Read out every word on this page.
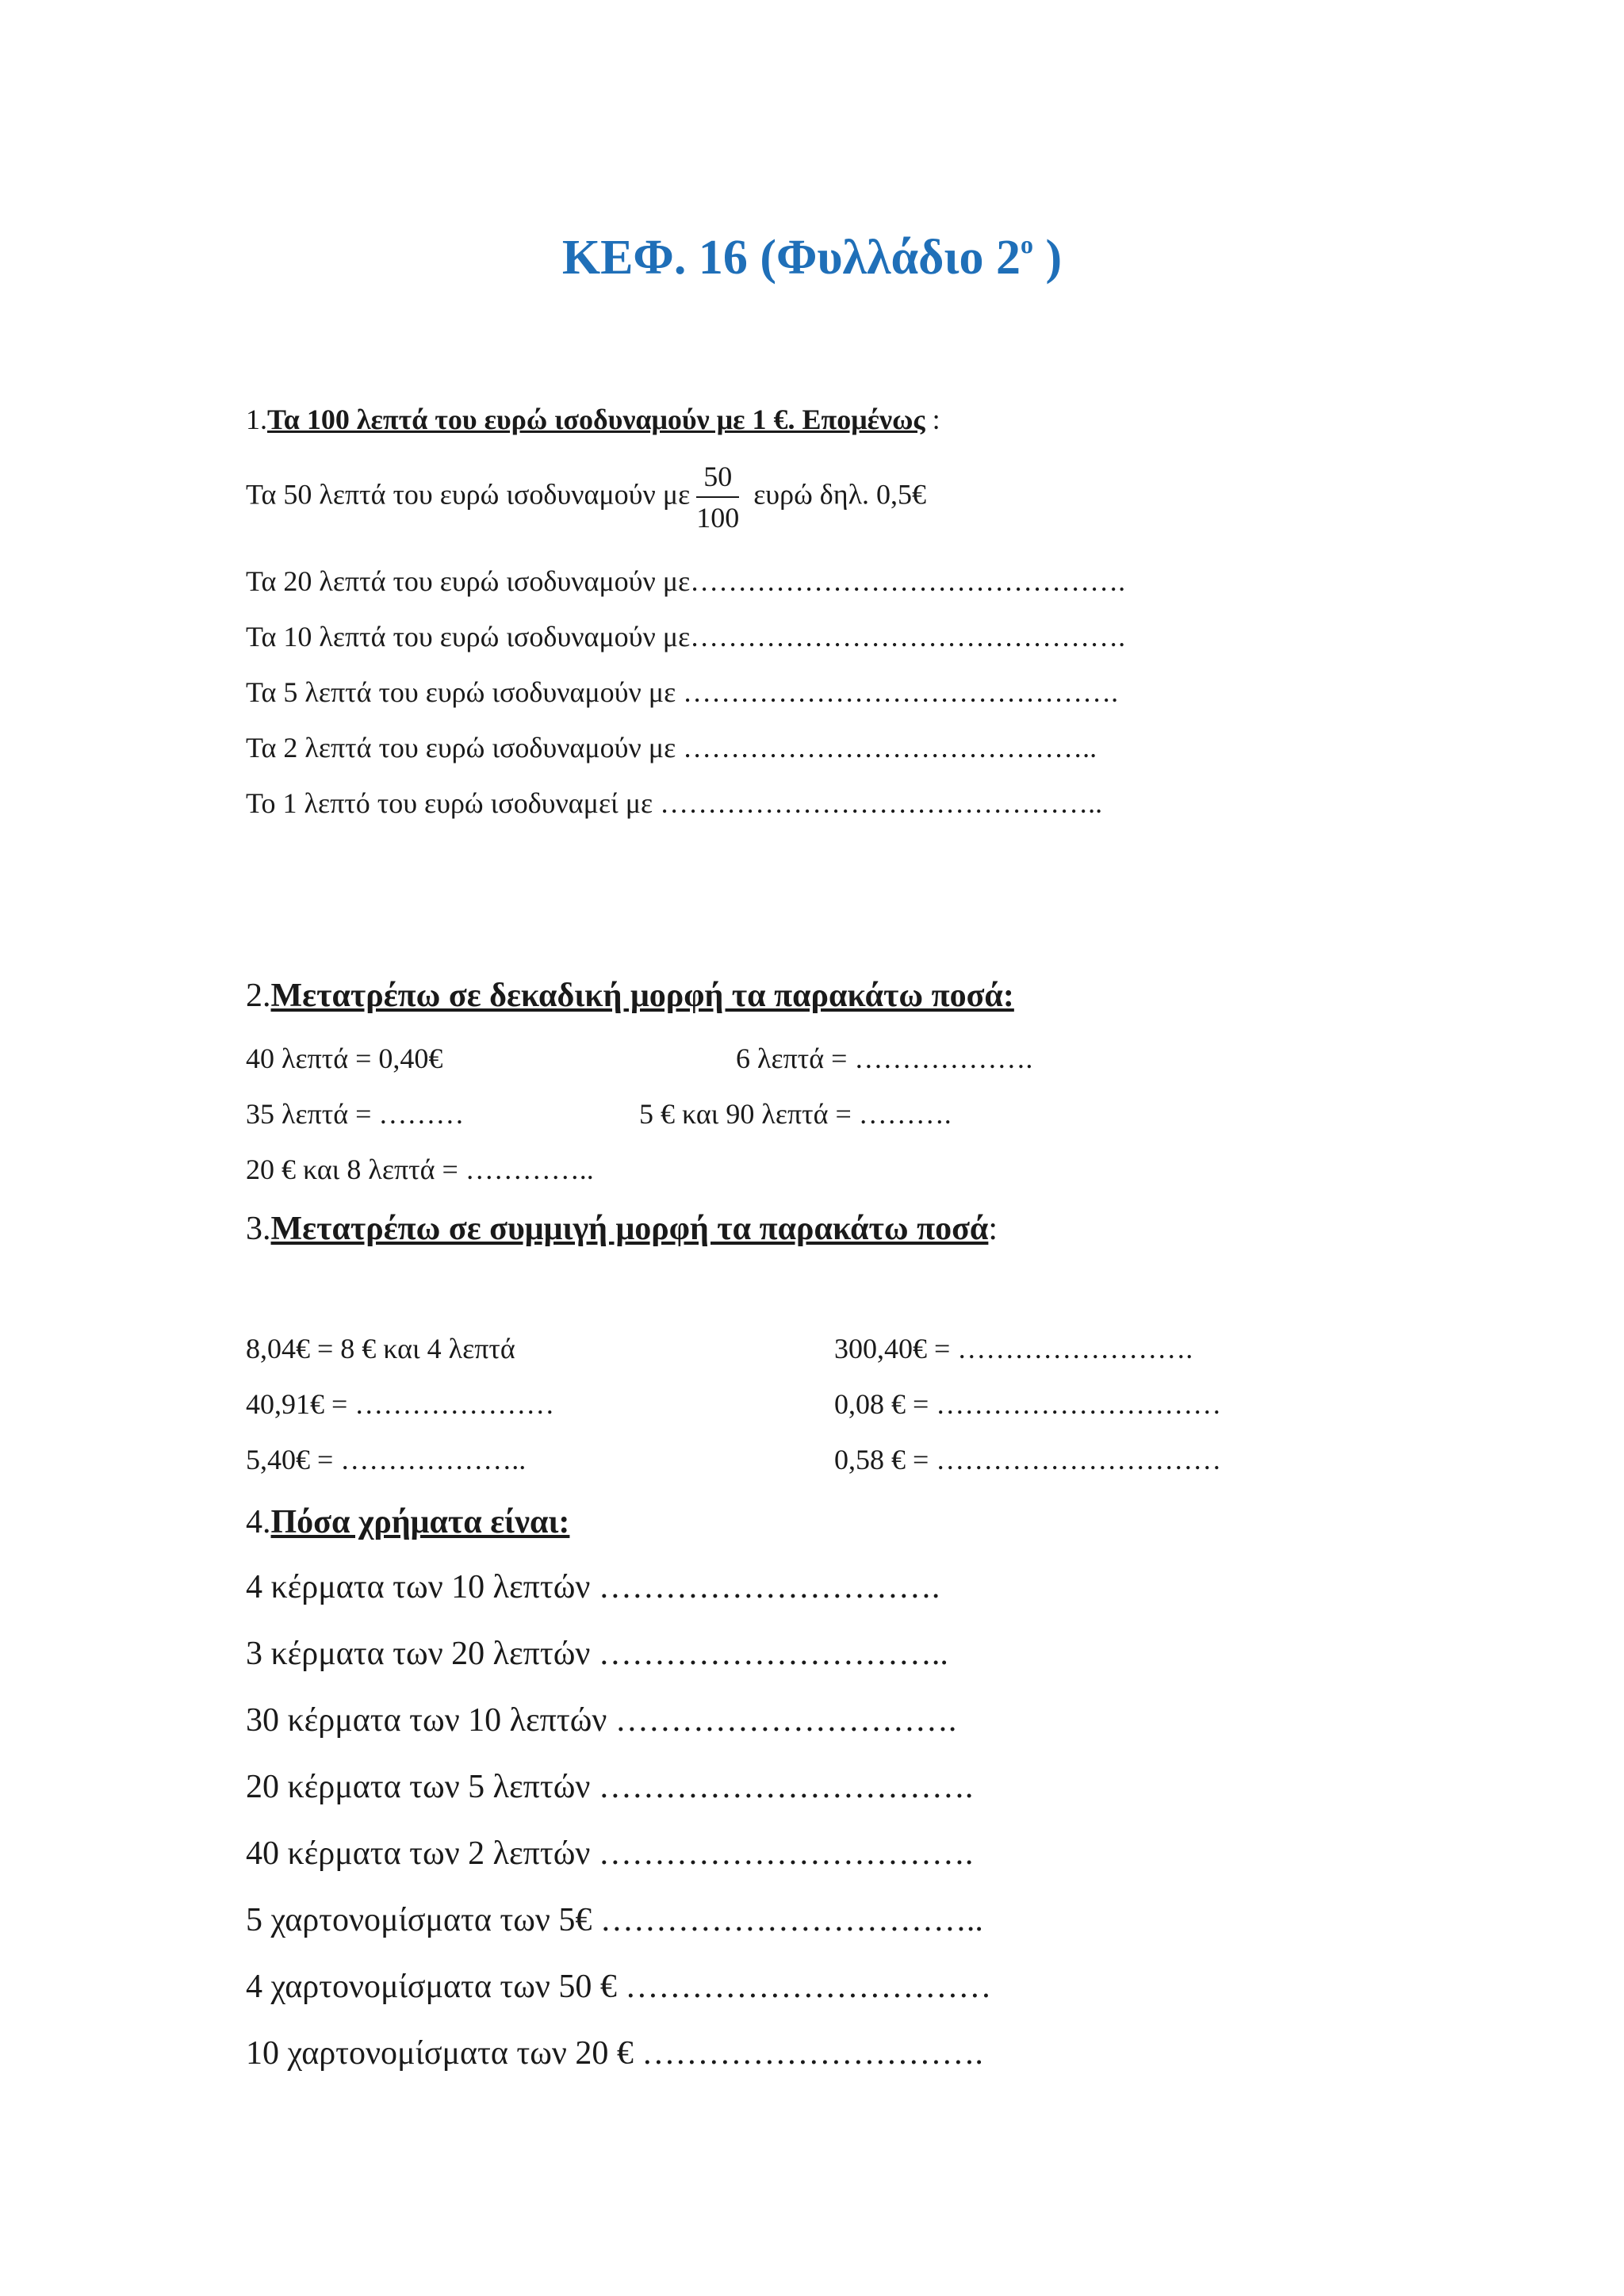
ΚΕΦ. 16 (Φυλλάδιο $2^o$ )
1.Τα 100 λεπτά του ευρώ ισοδυναμούν με 1 €. Επομένως :
Τα 50 λεπτά του ευρώ ισοδυναμούν με $\frac{50}{100}$ ευρώ δηλ. 0,5€
Τα 20 λεπτά του ευρώ ισοδυναμούν με……………………………………….
Τα 10 λεπτά του ευρώ ισοδυναμούν με……………………………………….
Τα 5 λεπτά του ευρώ ισοδυναμούν με ……………………………………….
Τα 2 λεπτά του ευρώ ισοδυναμούν με ……………………………………..
Το 1 λεπτό του ευρώ ισοδυναμεί με ………………………………………..
2.Μετατρέπω σε δεκαδική μορφή τα παρακάτω ποσά:
40 λεπτά = 0,40€	6 λεπτά = ……………….
35 λεπτά = ………	5 € και 90 λεπτά = ……….
20 € και 8 λεπτά = …………..
3.Μετατρέπω σε συμμιγή μορφή τα παρακάτω ποσά:
8,04€ = 8 € και 4 λεπτά
40,91€ = …………………
5,40€ = ………………..
300,40€ = …………………….
0,08 € = …………………………
0,58 € = …………………………
4.Πόσα χρήματα είναι:
4 κέρματα των 10 λεπτών ………………………….
3 κέρματα των 20 λεπτών …………………………..
30 κέρματα των 10 λεπτών ………………………….
20 κέρματα των 5 λεπτών …………………………….
40 κέρματα των 2 λεπτών …………………………….
5 χαρτονομίσματα των 5€ ……………………………..
4 χαρτονομίσματα των 50 € ……………………………
10 χαρτονομίσματα των 20 € ………………………….
